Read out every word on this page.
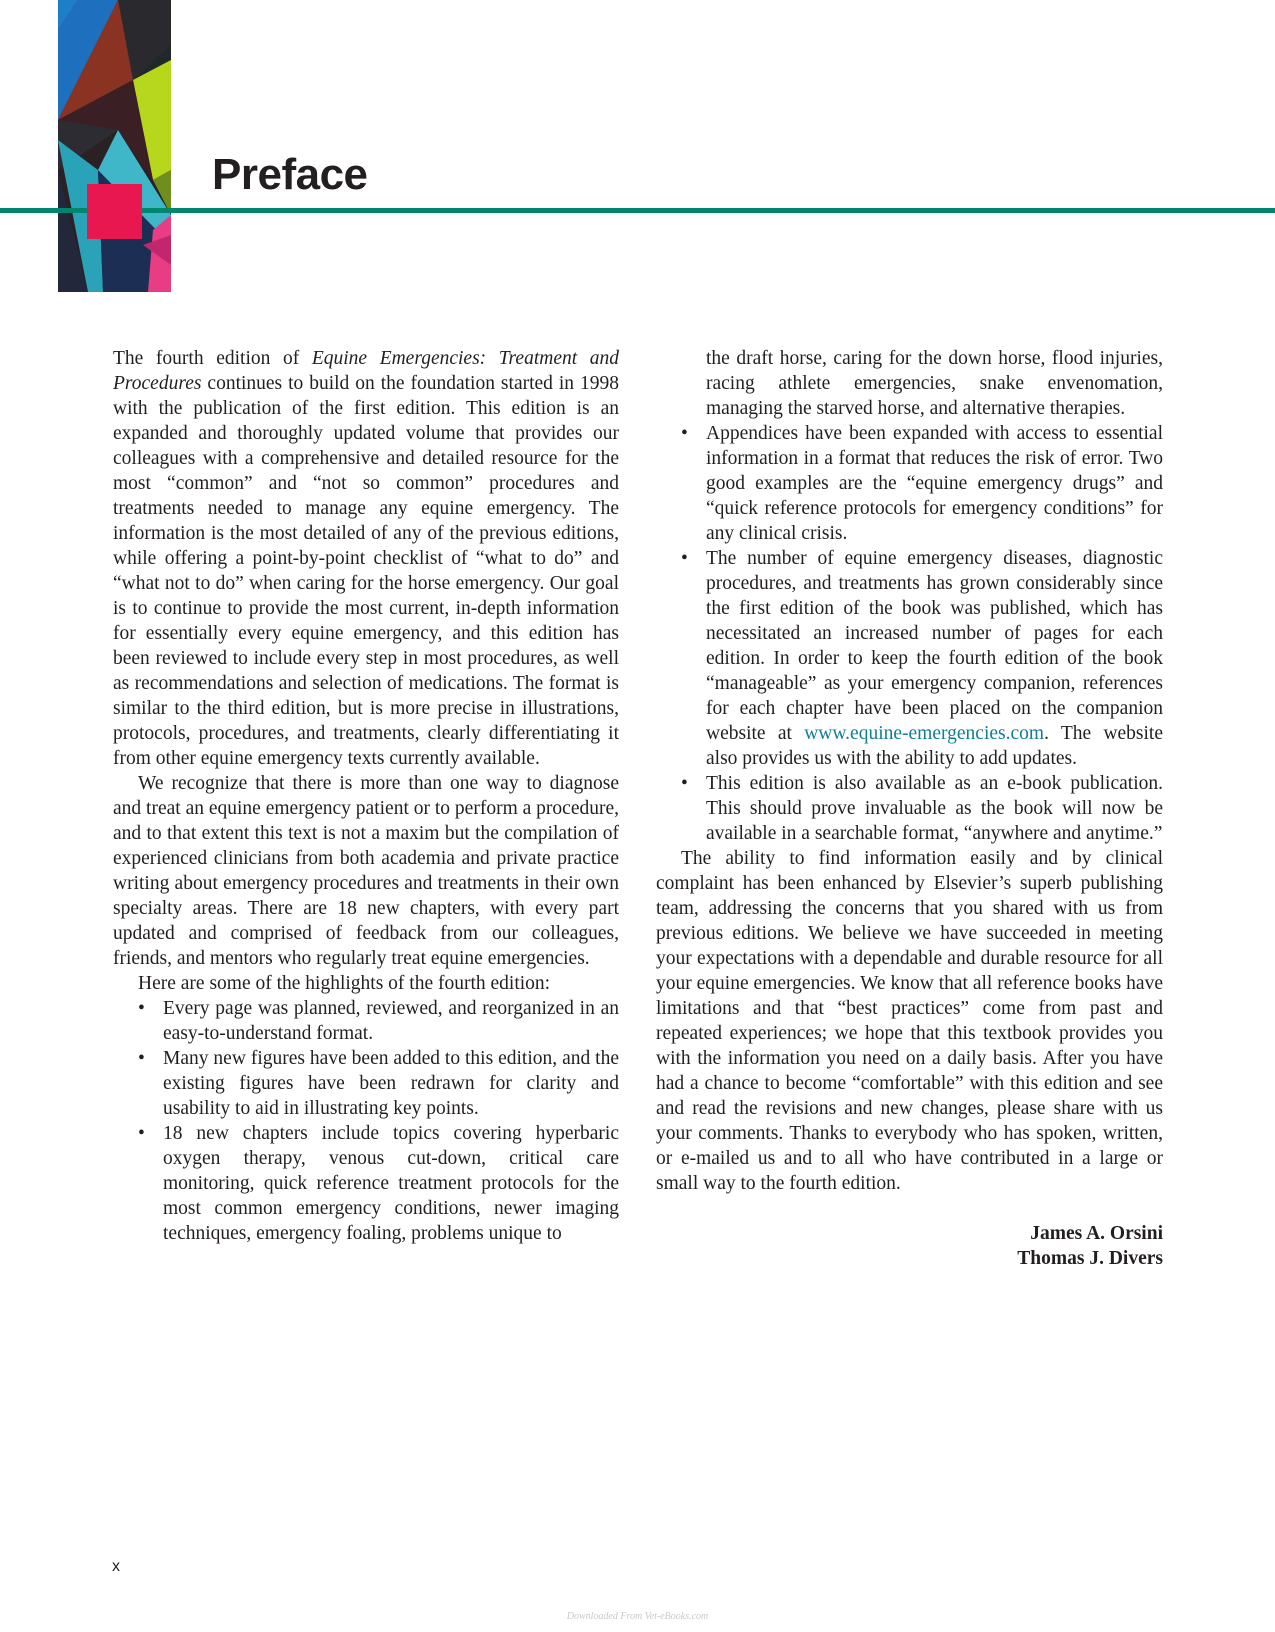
Preface

The fourth edition of Equine Emergencies: Treatment and Procedures continues to build on the foundation started in 1998 with the publication of the first edition. This edition is an expanded and thoroughly updated volume that provides our colleagues with a comprehensive and detailed resource for the most “common” and “not so common” procedures and treatments needed to manage any equine emergency. The information is the most detailed of any of the previous editions, while offering a point-by-point checklist of “what to do” and “what not to do” when caring for the horse emergency. Our goal is to continue to provide the most current, in-depth information for essentially every equine emergency, and this edition has been reviewed to include every step in most procedures, as well as recommendations and selection of medications. The format is similar to the third edition, but is more precise in illustrations, protocols, procedures, and treatments, clearly differentiating it from other equine emergency texts currently available.

We recognize that there is more than one way to diagnose and treat an equine emergency patient or to perform a procedure, and to that extent this text is not a maxim but the compilation of experienced clinicians from both academia and private practice writing about emergency procedures and treatments in their own specialty areas. There are 18 new chapters, with every part updated and comprised of feedback from our colleagues, friends, and mentors who regularly treat equine emergencies.

Here are some of the highlights of the fourth edition:

• Every page was planned, reviewed, and reorganized in an easy-to-understand format.
• Many new figures have been added to this edition, and the existing figures have been redrawn for clarity and usability to aid in illustrating key points.
• 18 new chapters include topics covering hyperbaric oxygen therapy, venous cut-down, critical care monitoring, quick reference treatment protocols for the most common emergency conditions, newer imaging techniques, emergency foaling, problems unique to

the draft horse, caring for the down horse, flood injuries, racing athlete emergencies, snake envenomation, managing the starved horse, and alternative therapies.

• Appendices have been expanded with access to essential information in a format that reduces the risk of error. Two good examples are the “equine emergency drugs” and “quick reference protocols for emergency conditions” for any clinical crisis.
• The number of equine emergency diseases, diagnostic procedures, and treatments has grown considerably since the first edition of the book was published, which has necessitated an increased number of pages for each edition. In order to keep the fourth edition of the book “manageable” as your emergency companion, references for each chapter have been placed on the companion website at www.equine-emergencies.com. The website also provides us with the ability to add updates.
• This edition is also available as an e-book publication. This should prove invaluable as the book will now be available in a searchable format, “anywhere and anytime.”

The ability to find information easily and by clinical complaint has been enhanced by Elsevier’s superb publishing team, addressing the concerns that you shared with us from previous editions. We believe we have succeeded in meeting your expectations with a dependable and durable resource for all your equine emergencies. We know that all reference books have limitations and that “best practices” come from past and repeated experiences; we hope that this textbook provides you with the information you need on a daily basis. After you have had a chance to become “comfortable” with this edition and see and read the revisions and new changes, please share with us your comments. Thanks to everybody who has spoken, written, or e-mailed us and to all who have contributed in a large or small way to the fourth edition.

James A. Orsini
Thomas J. Divers
x
Downloaded From Vet-eBooks.com
